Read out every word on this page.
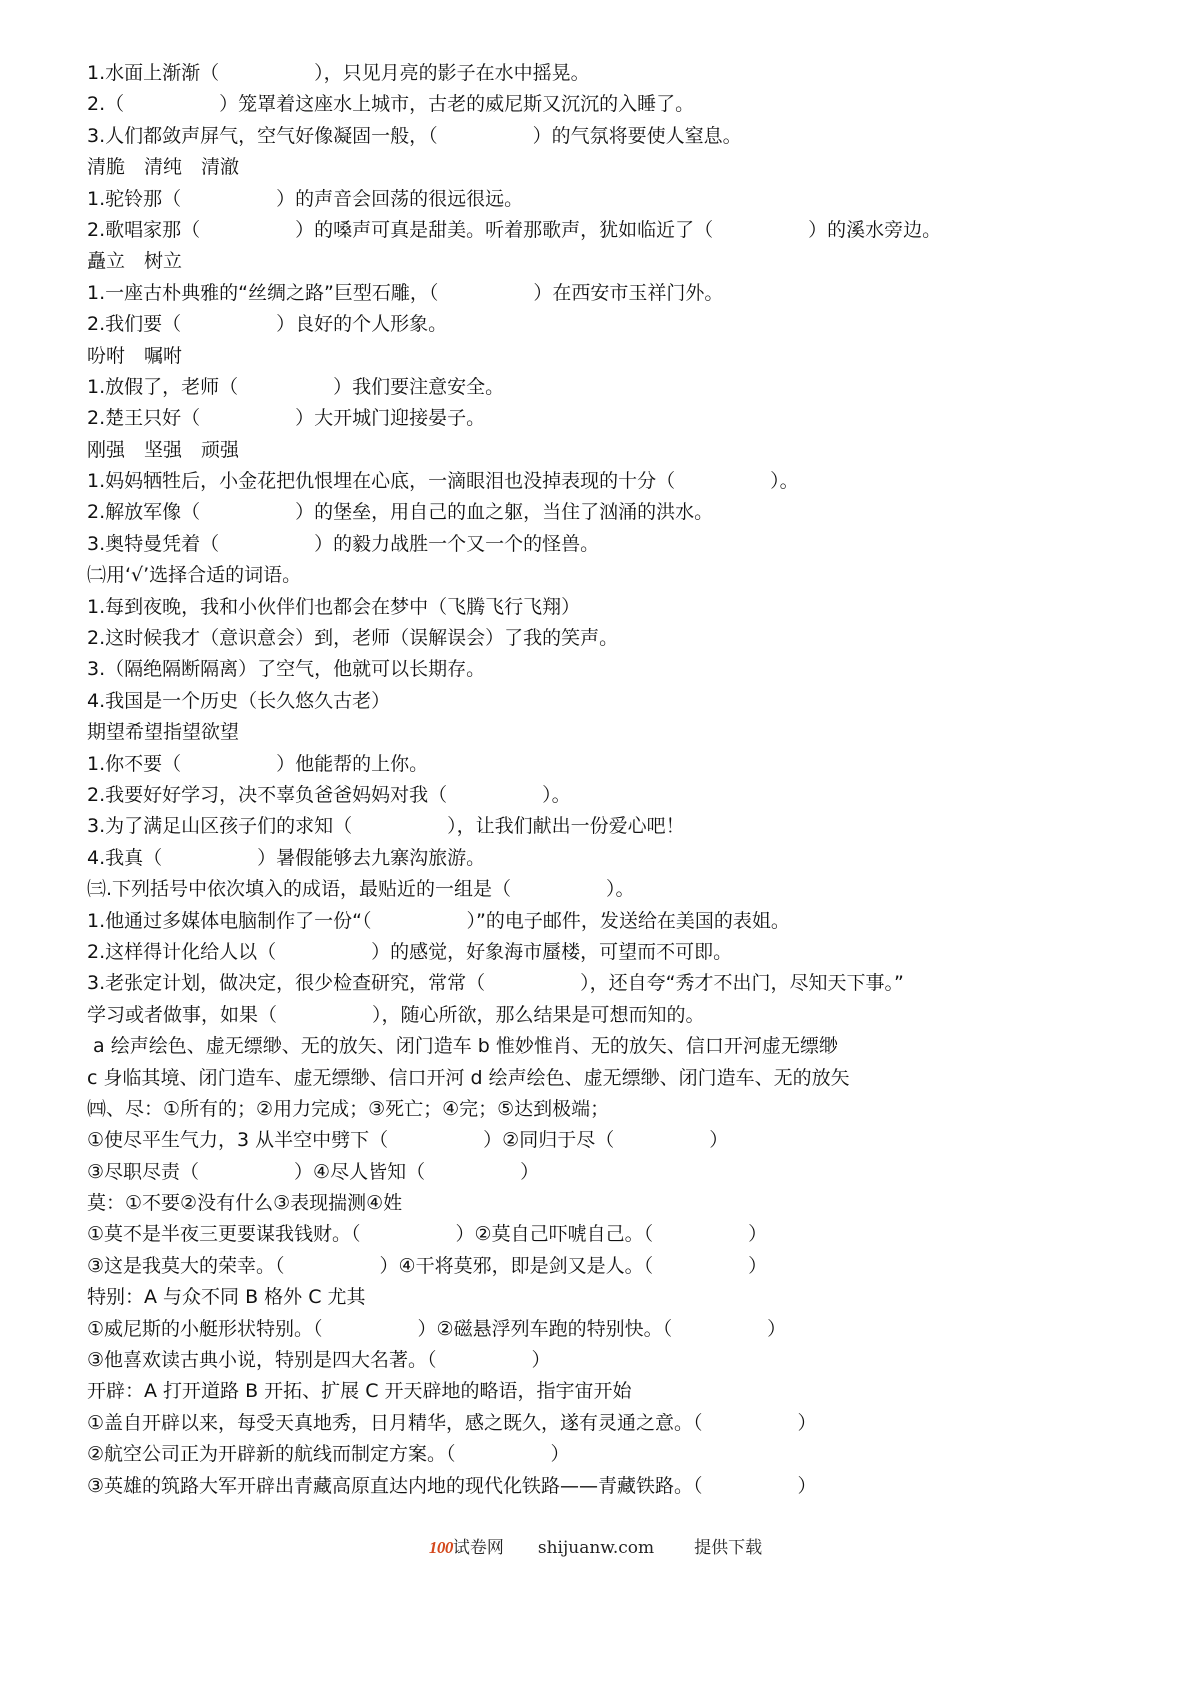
1.水面上渐渐（　　　　　），只见月亮的影子在水中摇晃。
2.（　　　　　）笼罩着这座水上城市，古老的威尼斯又沉沉的入睡了。
3.人们都敛声屏气，空气好像凝固一般，（　　　　　）的气氛将要使人窒息。
清脆　清纯　清澈
1.驼铃那（　　　　　）的声音会回荡的很远很远。
2.歌唱家那（　　　　　）的嗓声可真是甜美。听着那歌声，犹如临近了（　　　　　）的溪水旁边。
矗立　树立
1.一座古朴典雅的“丝绸之路”巨型石雕，（　　　　　）在西安市玉祥门外。
2.我们要（　　　　　）良好的个人形象。
吩咐　嘱咐
1.放假了，老师（　　　　　）我们要注意安全。
2.楚王只好（　　　　　）大开城门迎接晏子。
刚强　坚强　顽强
1.妈妈牺牲后，小金花把仇恨埋在心底，一滴眼泪也没掉表现的十分（　　　　　）。
2.解放军像（　　　　　）的堡垒，用自己的血之躯，当住了汹涌的洪水。
3.奥特曼凭着（　　　　　）的毅力战胜一个又一个的怪兽。
㈡用‘√’选择合适的词语。
1.每到夜晚，我和小伙伴们也都会在梦中（飞腾飞行飞翔）
2.这时候我才（意识意会）到，老师（误解误会）了我的笑声。
3.（隔绝隔断隔离）了空气，他就可以长期存。
4.我国是一个历史（长久悠久古老）
期望希望指望欲望
1.你不要（　　　　　）他能帮的上你。
2.我要好好学习，决不辜负爸爸妈妈对我（　　　　　）。
3.为了满足山区孩子们的求知（　　　　　），让我们献出一份爱心吧！
4.我真（　　　　　）暑假能够去九寨沟旅游。
㈢.下列括号中依次填入的成语，最贴近的一组是（　　　　　）。
1.他通过多媒体电脑制作了一份“（　　　　　）”的电子邮件，发送给在美国的表姐。
2.这样得计化给人以（　　　　　）的感觉，好象海市蜃楼，可望而不可即。
3.老张定计划，做决定，很少检查研究，常常（　　　　　），还自夸“秀才不出门，尽知天下事。”
学习或者做事，如果（　　　　　），随心所欲，那么结果是可想而知的。
a 绘声绘色、虚无缥缈、无的放矢、闭门造车 b 惟妙惟肖、无的放矢、信口开河虚无缥缈
c 身临其境、闭门造车、虚无缥缈、信口开河 d 绘声绘色、虚无缥缈、闭门造车、无的放矢
㈣、尽：①所有的；②用力完成；③死亡；④完；⑤达到极端；
①使尽平生气力，3 从半空中劈下（　　　　　）②同归于尽（　　　　　）
③尽职尽责（　　　　　）④尽人皆知（　　　　　）
莫：①不要②没有什么③表现揣测④姓
①莫不是半夜三更要谋我钱财。（　　　　　）②莫自己吓唬自己。（　　　　　）
③这是我莫大的荣幸。（　　　　　）④干将莫邪，即是剑又是人。（　　　　　）
特别：A 与众不同 B 格外 C 尤其
①威尼斯的小艇形状特别。（　　　　　）②磁悬浮列车跑的特别快。（　　　　　）
③他喜欢读古典小说，特别是四大名著。（　　　　　）
开辟：A 打开道路 B 开拓、扩展 C 开天辟地的略语，指宇宙开始
①盖自开辟以来，每受天真地秀，日月精华，感之既久，遂有灵通之意。（　　　　　）
②航空公司正为开辟新的航线而制定方案。（　　　　　）
③英雄的筑路大军开辟出青藏高原直达内地的现代化铁路——青藏铁路。（　　　　　）
100试卷网 shijuanw.com 提供下载
